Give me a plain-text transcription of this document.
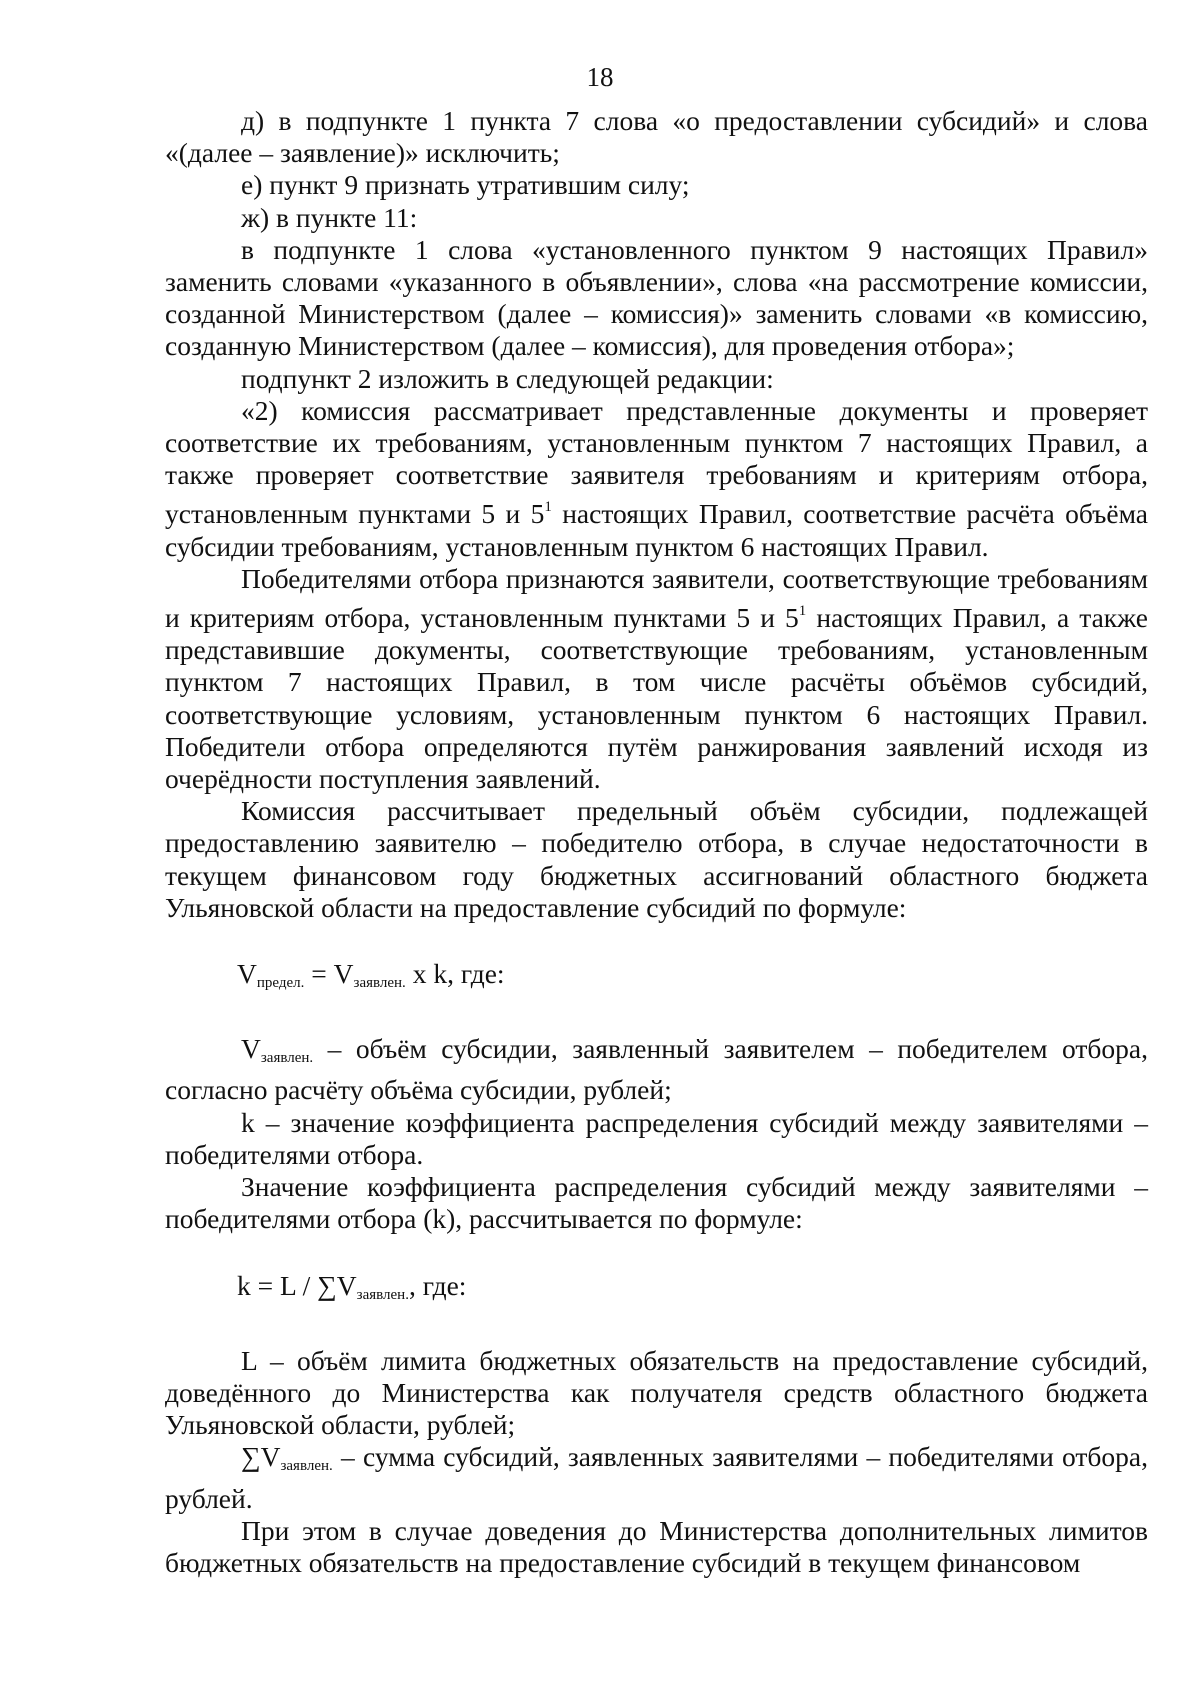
18

д) в подпункте 1 пункта 7 слова «о предоставлении субсидий» и слова «(далее – заявление)» исключить;

е) пункт 9 признать утратившим силу;

ж) в пункте 11:

в подпункте 1 слова «установленного пунктом 9 настоящих Правил» заменить словами «указанного в объявлении», слова «на рассмотрение комиссии, созданной Министерством (далее – комиссия)» заменить словами «в комиссию, созданную Министерством (далее – комиссия), для проведения отбора»;

подпункт 2 изложить в следующей редакции:

«2) комиссия рассматривает представленные документы и проверяет соответствие их требованиям, установленным пунктом 7 настоящих Правил, а также проверяет соответствие заявителя требованиям и критериям отбора, установленным пунктами 5 и $5^1$ настоящих Правил, соответствие расчёта объёма субсидии требованиям, установленным пунктом 6 настоящих Правил.

Победителями отбора признаются заявители, соответствующие требованиям и критериям отбора, установленным пунктами 5 и $5^1$ настоящих Правил, а также представившие документы, соответствующие требованиям, установленным пунктом 7 настоящих Правил, в том числе расчёты объёмов субсидий, соответствующие условиям, установленным пунктом 6 настоящих Правил. Победители отбора определяются путём ранжирования заявлений исходя из очерёдности поступления заявлений.

Комиссия рассчитывает предельный объём субсидии, подлежащей предоставлению заявителю – победителю отбора, в случае недостаточности в текущем финансовом году бюджетных ассигнований областного бюджета Ульяновской области на предоставление субсидий по формуле:

$V_{предел.} = V_{заявлен.}$ x k, где:

$V_{заявлен.}$ – объём субсидии, заявленный заявителем – победителем отбора, согласно расчёту объёма субсидии, рублей;

k – значение коэффициента распределения субсидий между заявителями – победителями отбора.

Значение коэффициента распределения субсидий между заявителями – победителями отбора (k), рассчитывается по формуле:

$k = L / \sum V_{заявлен.}$, где:

L – объём лимита бюджетных обязательств на предоставление субсидий, доведённого до Министерства как получателя средств областного бюджета Ульяновской области, рублей;

$\sum V_{заявлен.}$ – сумма субсидий, заявленных заявителями – победителями отбора, рублей.

При этом в случае доведения до Министерства дополнительных лимитов бюджетных обязательств на предоставление субсидий в текущем финансовом
